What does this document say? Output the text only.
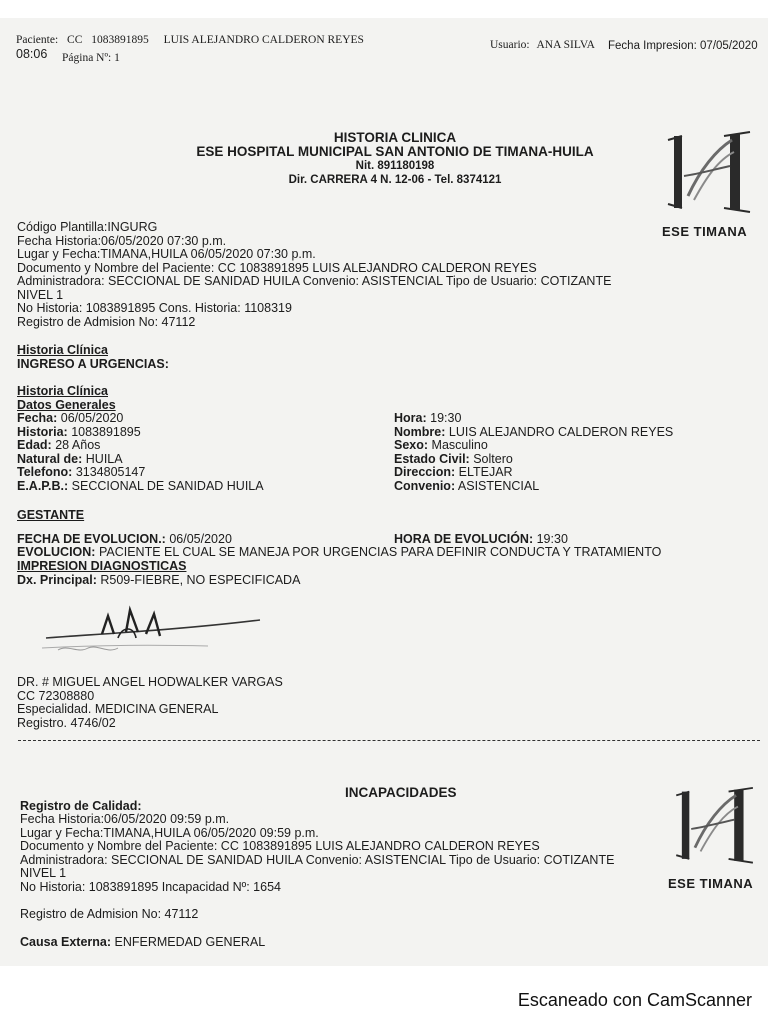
Paciente: CC 1083891895 LUIS ALEJANDRO CALDERON REYES
08:06 Página Nº: 1
Usuario: ANA SILVA Fecha Impresion: 07/05/2020
HISTORIA CLINICA
ESE HOSPITAL MUNICIPAL SAN ANTONIO DE TIMANA-HUILA
Nit. 891180198
Dir. CARRERA 4 N. 12-06 - Tel. 8374121
ESE TIMANA
Código Plantilla:INGURG
Fecha Historia:06/05/2020 07:30 p.m.
Lugar y Fecha:TIMANA,HUILA 06/05/2020 07:30 p.m.
Documento y Nombre del Paciente: CC 1083891895 LUIS ALEJANDRO CALDERON REYES
Administradora: SECCIONAL DE SANIDAD HUILA Convenio: ASISTENCIAL Tipo de Usuario: COTIZANTE
NIVEL 1
No Historia: 1083891895 Cons. Historia: 1108319
Registro de Admision No: 47112
Historia Clínica
INGRESO A URGENCIAS:
Historia Clínica
Datos Generales
Fecha: 06/05/2020
Historia: 1083891895
Edad: 28 Años
Natural de: HUILA
Telefono: 3134805147
E.A.P.B.: SECCIONAL DE SANIDAD HUILA
Hora: 19:30
Nombre: LUIS ALEJANDRO CALDERON REYES
Sexo: Masculino
Estado Civil: Soltero
Direccion: ELTEJAR
Convenio: ASISTENCIAL
GESTANTE
FECHA DE EVOLUCION.: 06/05/2020	HORA DE EVOLUCIÓN: 19:30
EVOLUCION: PACIENTE EL CUAL SE MANEJA POR URGENCIAS PARA DEFINIR CONDUCTA Y TRATAMIENTO
IMPRESION DIAGNOSTICAS
Dx. Principal: R509-FIEBRE, NO ESPECIFICADA
DR. # MIGUEL ANGEL HODWALKER VARGAS
CC 72308880
Especialidad. MEDICINA GENERAL
Registro. 4746/02
INCAPACIDADES
Registro de Calidad:
Fecha Historia:06/05/2020 09:59 p.m.
Lugar y Fecha:TIMANA,HUILA 06/05/2020 09:59 p.m.
Documento y Nombre del Paciente: CC 1083891895 LUIS ALEJANDRO CALDERON REYES
Administradora: SECCIONAL DE SANIDAD HUILA Convenio: ASISTENCIAL Tipo de Usuario: COTIZANTE
NIVEL 1
No Historia: 1083891895 Incapacidad Nº: 1654
Registro de Admision No: 47112
Causa Externa: ENFERMEDAD GENERAL
ESE TIMANA
Escaneado con CamScanner
